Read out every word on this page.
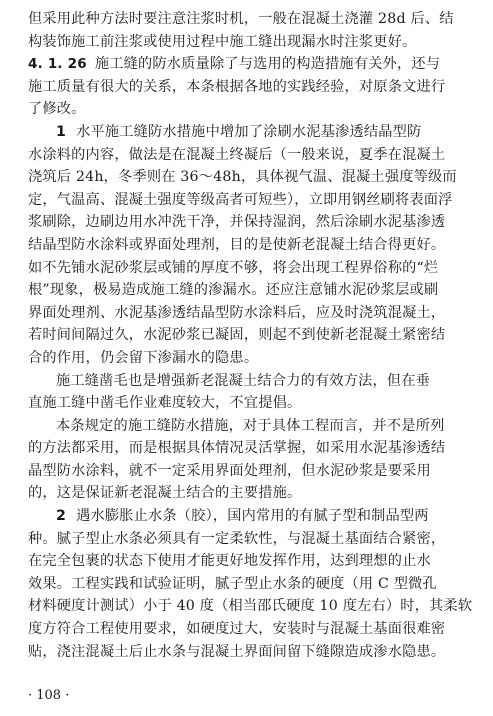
但采用此种方法时要注意注浆时机，一般在混凝土浇灌 28d 后、结
构装饰施工前注浆或使用过程中施工缝出现漏水时注浆更好。
4. 1. 26 施工缝的防水质量除了与选用的构造措施有关外，还与
施工质量有很大的关系，本条根据各地的实践经验，对原条文进行
了修改。
1 水平施工缝防水措施中增加了涂刷水泥基渗透结晶型防
水涂料的内容，做法是在混凝土终凝后（一般来说，夏季在混凝土
浇筑后 24h，冬季则在 36～48h，具体视气温、混凝土强度等级而
定，气温高、混凝土强度等级高者可短些），立即用钢丝刷将表面浮
浆刷除，边刷边用水冲洗干净，并保持湿润，然后涂刷水泥基渗透
结晶型防水涂料或界面处理剂，目的是使新老混凝土结合得更好。
如不先铺水泥砂浆层或铺的厚度不够，将会出现工程界俗称的“烂
根”现象，极易造成施工缝的渗漏水。还应注意铺水泥砂浆层或刷
界面处理剂、水泥基渗透结晶型防水涂料后，应及时浇筑混凝土，
若时间间隔过久，水泥砂浆已凝固，则起不到使新老混凝土紧密结
合的作用，仍会留下渗漏水的隐患。
施工缝凿毛也是增强新老混凝土结合力的有效方法，但在垂
直施工缝中凿毛作业难度较大，不宜提倡。
本条规定的施工缝防水措施，对于具体工程而言，并不是所列
的方法都采用，而是根据具体情况灵活掌握，如采用水泥基渗透结
晶型防水涂料，就不一定采用界面处理剂，但水泥砂浆是要采用
的，这是保证新老混凝土结合的主要措施。
2 遇水膨胀止水条（胶），国内常用的有腻子型和制品型两
种。腻子型止水条必须具有一定柔软性，与混凝土基面结合紧密，
在完全包裹的状态下使用才能更好地发挥作用，达到理想的止水
效果。工程实践和试验证明，腻子型止水条的硬度（用 C 型微孔
材料硬度计测试）小于 40 度（相当邵氏硬度 10 度左右）时，其柔软
度方符合工程使用要求，如硬度过大，安装时与混凝土基面很难密
贴，浇注混凝土后止水条与混凝土界面间留下缝隙造成渗水隐患。
· 108 ·
